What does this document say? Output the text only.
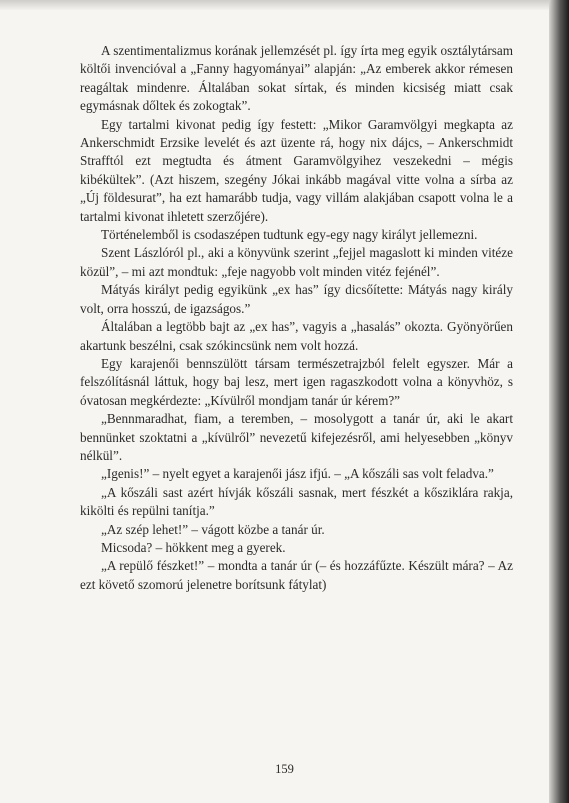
A szentimentalizmus korának jellemzését pl. így írta meg egyik osztálytársam költői invencióval a „Fanny hagyományai” alapján: „Az emberek akkor rémesen reagáltak mindenre. Általában sokat sírtak, és minden kicsiség miatt csak egymásnak dőltek és zokogtak”.

Egy tartalmi kivonat pedig így festett: „Mikor Garamvölgyi megkapta az Ankerschmidt Erzsike levelét és azt üzente rá, hogy nix dájcs, – Ankerschmidt Strafftól ezt megtudta és átment Garamvölgyihez veszekedni – mégis kibékültek”. (Azt hiszem, szegény Jókai inkább magával vitte volna a sírba az „Új földesurat”, ha ezt hamarább tudja, vagy villám alakjában csapott volna le a tartalmi kivonat ihletett szerzőjére).

Történelemből is csodaszépen tudtunk egy-egy nagy királyt jellemezni.

Szent Lászlóról pl., aki a könyvünk szerint „fejjel magaslott ki minden vitéze közül”, – mi azt mondtuk: „feje nagyobb volt minden vitéz fejénél”.

Mátyás királyt pedig egyikünk „ex has” így dicsőítette: Mátyás nagy király volt, orra hosszú, de igazságos.”

Általában a legtöbb bajt az „ex has”, vagyis a „hasalás” okozta. Gyönyörűen akartunk beszélni, csak szókincsünk nem volt hozzá.

Egy karajenői bennszülött társam természetrajzból felelt egyszer. Már a felszólításnál láttuk, hogy baj lesz, mert igen ragaszkodott volna a könyvhöz, s óvatosan megkérdezte: „Kívülről mondjam tanár úr kérem?”

„Bennmaradhat, fiam, a teremben, – mosolygott a tanár úr, aki le akart bennünket szoktatni a „kívülről” nevezetű kifejezésről, ami helyesebben „könyv nélkül”.

„Igenis!” – nyelt egyet a karajenői jász ifjú. – „A kőszáli sas volt feladva.”

„A kőszáli sast azért hívják kőszáli sasnak, mert fészkét a kősziklára rakja, kikölti és repülni tanítja.”

„Az szép lehet!” – vágott közbe a tanár úr.

Micsoda? – hökkent meg a gyerek.

„A repülő fészket!” – mondta a tanár úr (– és hozzáfűzte. Készült mára? – Az ezt követő szomorú jelenetre borítsunk fátylat)

159
